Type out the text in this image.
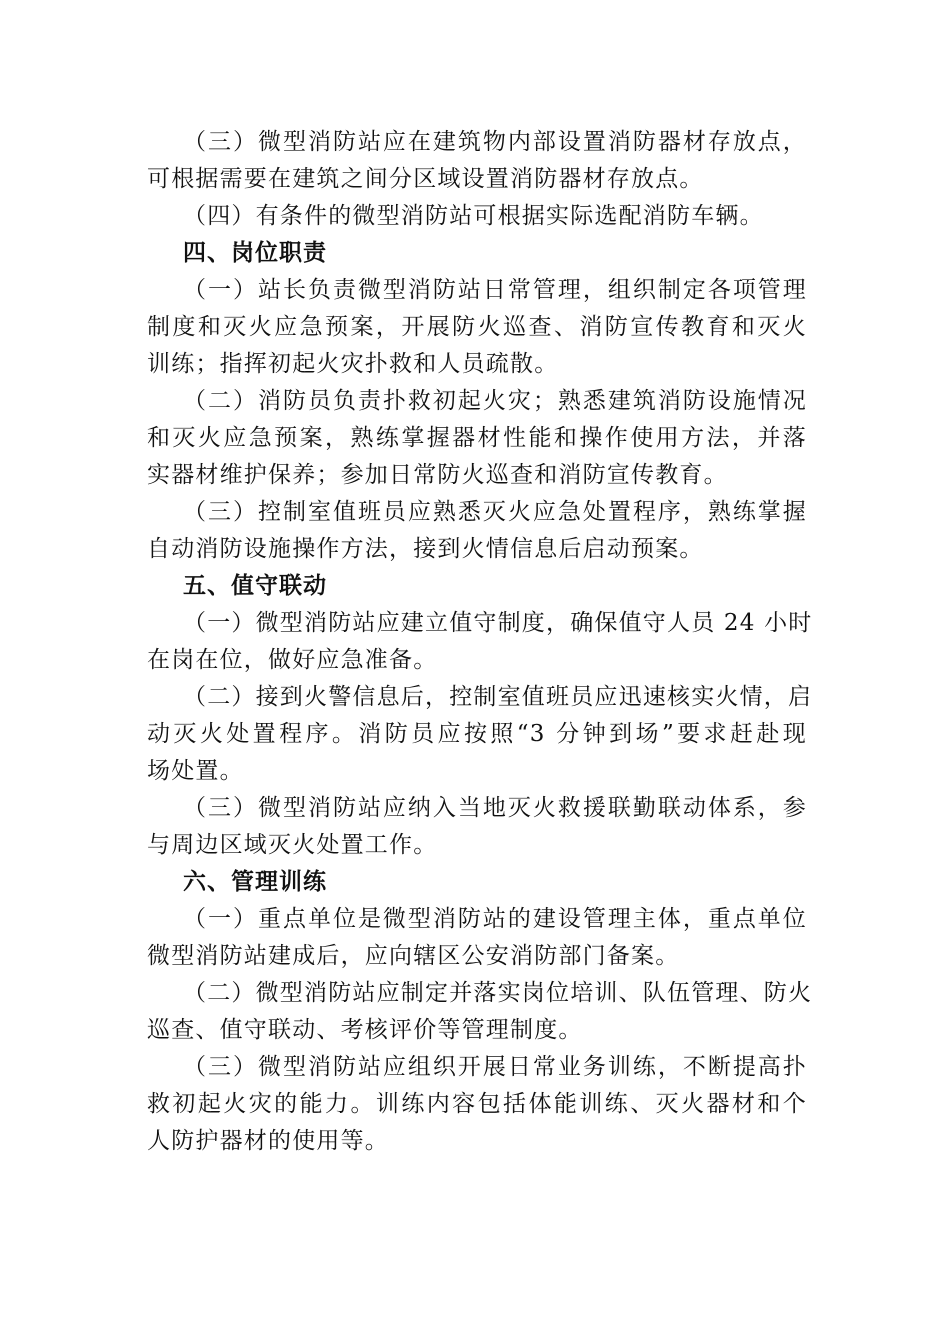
（三）微型消防站应在建筑物内部设置消防器材存放点，
可根据需要在建筑之间分区域设置消防器材存放点。
（四）有条件的微型消防站可根据实际选配消防车辆。
四、岗位职责
（一）站长负责微型消防站日常管理，组织制定各项管理
制度和灭火应急预案，开展防火巡查、消防宣传教育和灭火
训练；指挥初起火灾扑救和人员疏散。
（二）消防员负责扑救初起火灾；熟悉建筑消防设施情况
和灭火应急预案，熟练掌握器材性能和操作使用方法，并落
实器材维护保养；参加日常防火巡查和消防宣传教育。
（三）控制室值班员应熟悉灭火应急处置程序，熟练掌握
自动消防设施操作方法，接到火情信息后启动预案。
五、值守联动
（一）微型消防站应建立值守制度，确保值守人员 24 小时
在岗在位，做好应急准备。
（二）接到火警信息后，控制室值班员应迅速核实火情，启
动灭火处置程序。消防员应按照“3 分钟到场”要求赶赴现
场处置。
（三）微型消防站应纳入当地灭火救援联勤联动体系，参
与周边区域灭火处置工作。
六、管理训练
（一）重点单位是微型消防站的建设管理主体，重点单位
微型消防站建成后，应向辖区公安消防部门备案。
（二）微型消防站应制定并落实岗位培训、队伍管理、防火
巡查、值守联动、考核评价等管理制度。
（三）微型消防站应组织开展日常业务训练，不断提高扑
救初起火灾的能力。训练内容包括体能训练、灭火器材和个
人防护器材的使用等。
